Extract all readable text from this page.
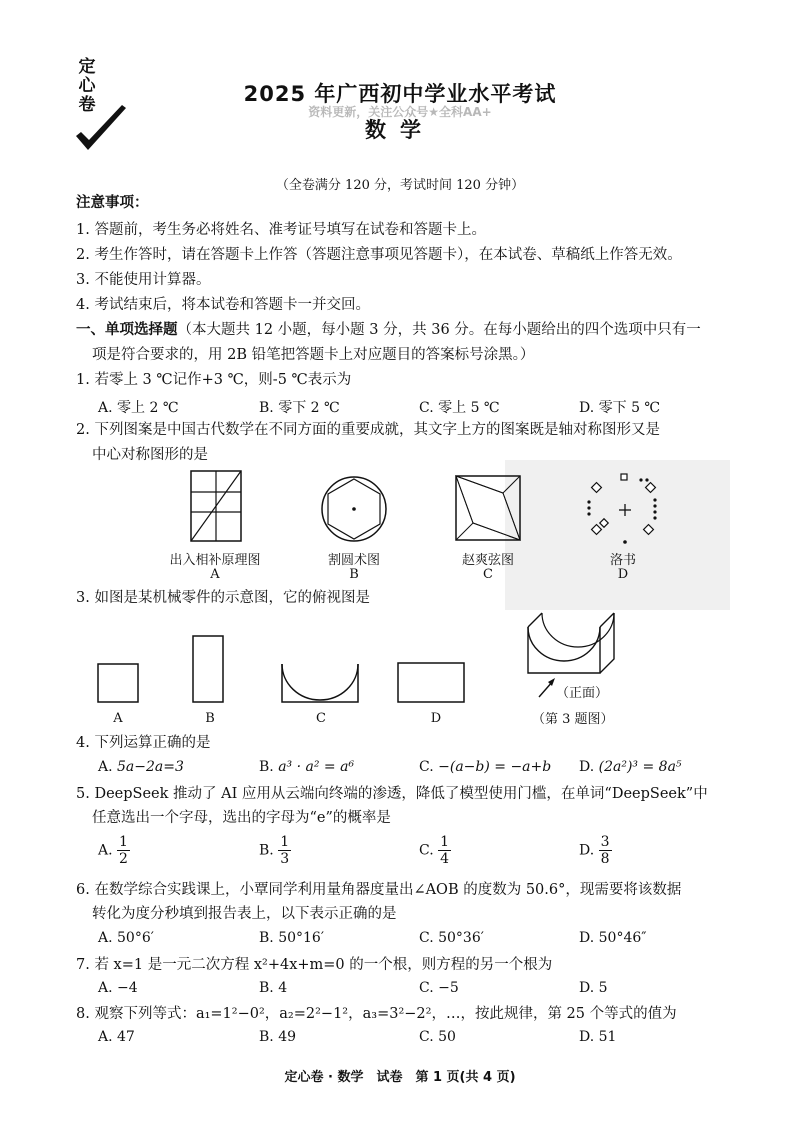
定心卷	2025 年广西初中学业水平考试
资料更新，关注公众号★全科AA+
数学
（全卷满分 120 分，考试时间 120 分钟）
注意事项：
1. 答题前，考生务必将姓名、准考证号填写在试卷和答题卡上。
2. 考生作答时，请在答题卡上作答（答题注意事项见答题卡），在本试卷、草稿纸上作答无效。
3. 不能使用计算器。
4. 考试结束后，将本试卷和答题卡一并交回。
一、单项选择题（本大题共 12 小题，每小题 3 分，共 36 分。在每小题给出的四个选项中只有一
项是符合要求的，用 2B 铅笔把答题卡上对应题目的答案标号涂黑。）
1. 若零上 3 ℃记作+3 ℃，则-5 ℃表示为
A. 零上 2 ℃	B. 零下 2 ℃	C. 零上 5 ℃	D. 零下 5 ℃
2. 下列图案是中国古代数学在不同方面的重要成就，其文字上方的图案既是轴对称图形又是
中心对称图形的是
出入相补原理图
A
割圆术图
B
赵爽弦图
C
洛书
D
3. 如图是某机械零件的示意图，它的俯视图是
A	B	C	D
（正面）
（第 3 题图）
4. 下列运算正确的是
A. 5a−2a=3	B. a³ · a² = a⁶	C. −(a−b) = −a+b D. (2a²)³ = 8a⁵
5. DeepSeek 推动了 AI 应用从云端向终端的渗透，降低了模型使用门槛，在单词“DeepSeek”中
任意选出一个字母，选出的字母为“e”的概率是
A. $\frac{1}{2}$	B. $\frac{1}{3}$	C. $\frac{1}{4}$	D. $\frac{3}{8}$
6. 在数学综合实践课上，小覃同学利用量角器度量出∠AOB 的度数为 50.6°，现需要将该数据
转化为度分秒填到报告表上，以下表示正确的是
A. 50°6′	B. 50°16′	C. 50°36′	D. 50°46″
7. 若 x=1 是一元二次方程 x²+4x+m=0 的一个根，则方程的另一个根为
A. −4	B. 4	C. −5	D. 5
8. 观察下列等式：a₁=1²−0²，a₂=2²−1²，a₃=3²−2²，…，按此规律，第 25 个等式的值为
A. 47	B. 49	C. 50	D. 51
定心卷 · 数学　试卷　第 1 页(共 4 页)
